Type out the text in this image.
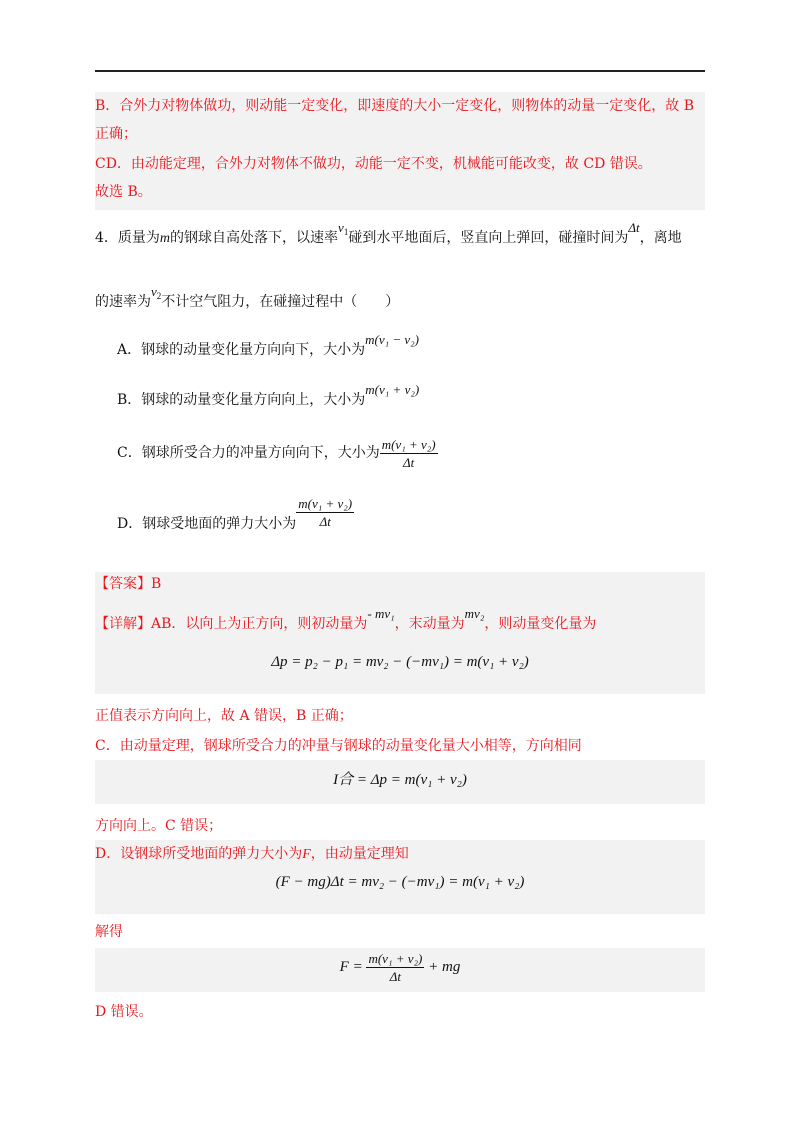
B．合外力对物体做功，则动能一定变化，即速度的大小一定变化，则物体的动量一定变化，故 B
正确；
CD．由动能定理，合外力对物体不做功，动能一定不变，机械能可能改变，故 CD 错误。
故选 B。
4．质量为m的钢球自高处落下，以速率$v_1$碰到水平地面后，竖直向上弹回，碰撞时间为Δt，离地
的速率为$v_2$不计空气阻力，在碰撞过程中（　　）
A．钢球的动量变化量方向向下，大小为m(v₁ − v₂)
B．钢球的动量变化量方向向上，大小为m(v₁ + v₂)
C．钢球所受合力的冲量方向向下，大小为 $\frac{\text{m(v₁ + v₂)}}{\Delta t}$
D．钢球受地面的弹力大小为 $\frac{\text{m(v₁ + v₂)}}{\Delta t}$
【答案】B
【详解】AB．以向上为正方向，则初动量为- mv₁，末动量为mv₂，则动量变化量为
Δp = p₂ − p₁ = mv₂ − (−mv₁) = m(v₁ + v₂)
正值表示方向向上，故 A 错误，B 正确；
C．由动量定理，钢球所受合力的冲量与钢球的动量变化量大小相等，方向相同
I合 = Δp = m(v₁ + v₂)
方向向上。C 错误；
D．设钢球所受地面的弹力大小为F，由动量定理知
(F − mg)Δt = mv₂ − (−mv₁) = m(v₁ + v₂)
解得
$F = \frac{\text{m(v₁ + v₂)}}{\Delta t}$ + mg
D 错误。
